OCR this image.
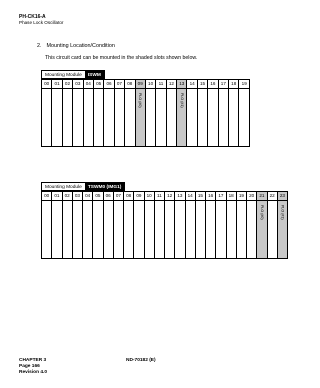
PH-CK16-A
Phase Lock Oscillator
2. Mounting Location/Condition
This circuit card can be mounted in the shaded slots shown below.
Mounting Module	ISWM
00	01	02	03	04	05	06	07	08	09	10	11	12	13	14	15	16	17	18	19

									PLO (#0)				PLO (#1)						

Mounting Module	TSWM0 (IMG1)
00	01	02	03	04	05	06	07	08	09	10	11	12	13	14	15	16	17	18	19	20	21	22	23

																					PLO (#0)		PLO (#1)
CHAPTER 3
Page 166
Revision 4.0
ND-70182 (E)
